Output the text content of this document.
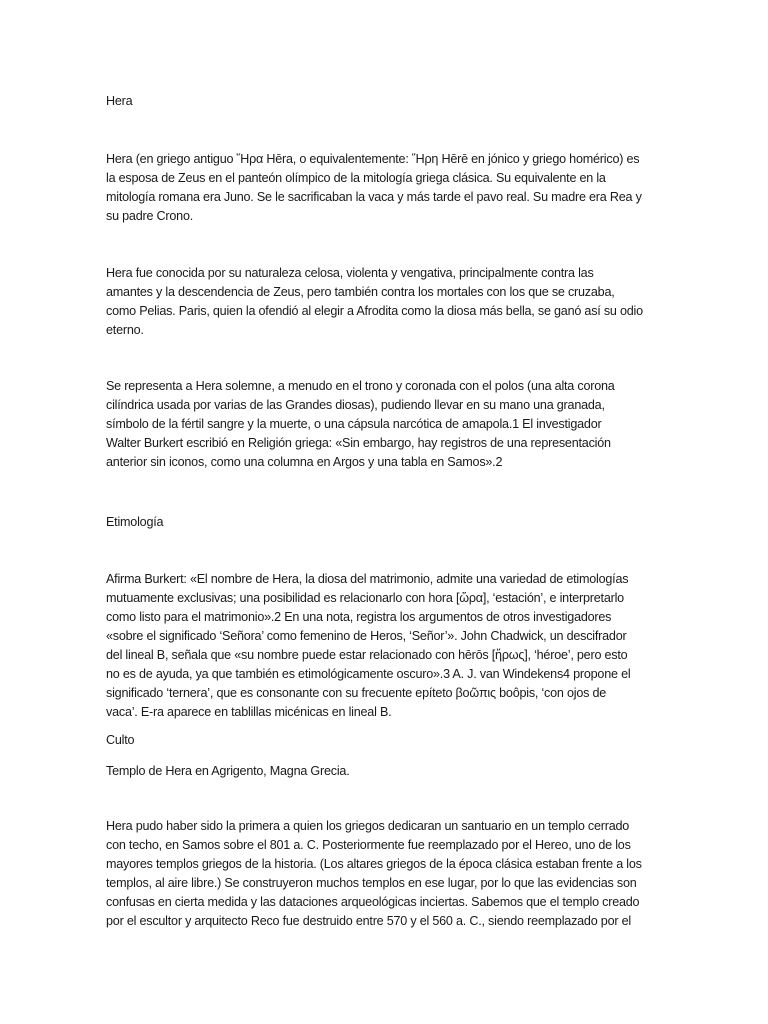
Hera

Hera (en griego antiguo Ἥρα Hēra, o equivalentemente: Ἥρη Hērē en jónico y griego homérico) es

la esposa de Zeus en el panteón olímpico de la mitología griega clásica. Su equivalente en la

mitología romana era Juno. Se le sacrificaban la vaca y más tarde el pavo real. Su madre era Rea y

su padre Crono.

Hera fue conocida por su naturaleza celosa, violenta y vengativa, principalmente contra las

amantes y la descendencia de Zeus, pero también contra los mortales con los que se cruzaba,

como Pelias. Paris, quien la ofendió al elegir a Afrodita como la diosa más bella, se ganó así su odio

eterno.

Se representa a Hera solemne, a menudo en el trono y coronada con el polos (una alta corona

cilíndrica usada por varias de las Grandes diosas), pudiendo llevar en su mano una granada,

símbolo de la fértil sangre y la muerte, o una cápsula narcótica de amapola.1 El investigador

Walter Burkert escribió en Religión griega: «Sin embargo, hay registros de una representación

anterior sin iconos, como una columna en Argos y una tabla en Samos».2

Etimología

Afirma Burkert: «El nombre de Hera, la diosa del matrimonio, admite una variedad de etimologías

mutuamente exclusivas; una posibilidad es relacionarlo con hora [ὥρα], ‘estación’, e interpretarlo

como listo para el matrimonio».2 En una nota, registra los argumentos de otros investigadores

«sobre el significado ‘Señora’ como femenino de Heros, ‘Señor’». John Chadwick, un descifrador

del lineal B, señala que «su nombre puede estar relacionado con hērōs [ἥρως], ‘héroe’, pero esto

no es de ayuda, ya que también es etimológicamente oscuro».3 A. J. van Windekens4 propone el

significado ‘ternera’, que es consonante con su frecuente epíteto βοῶπις boôpis, ‘con ojos de

vaca’. E-ra aparece en tablillas micénicas en lineal B.

Culto

Templo de Hera en Agrigento, Magna Grecia.

Hera pudo haber sido la primera a quien los griegos dedicaran un santuario en un templo cerrado

con techo, en Samos sobre el 801 a. C. Posteriormente fue reemplazado por el Hereo, uno de los

mayores templos griegos de la historia. (Los altares griegos de la época clásica estaban frente a los

templos, al aire libre.) Se construyeron muchos templos en ese lugar, por lo que las evidencias son

confusas en cierta medida y las dataciones arqueológicas inciertas. Sabemos que el templo creado

por el escultor y arquitecto Reco fue destruido entre 570 y el 560 a. C., siendo reemplazado por el
